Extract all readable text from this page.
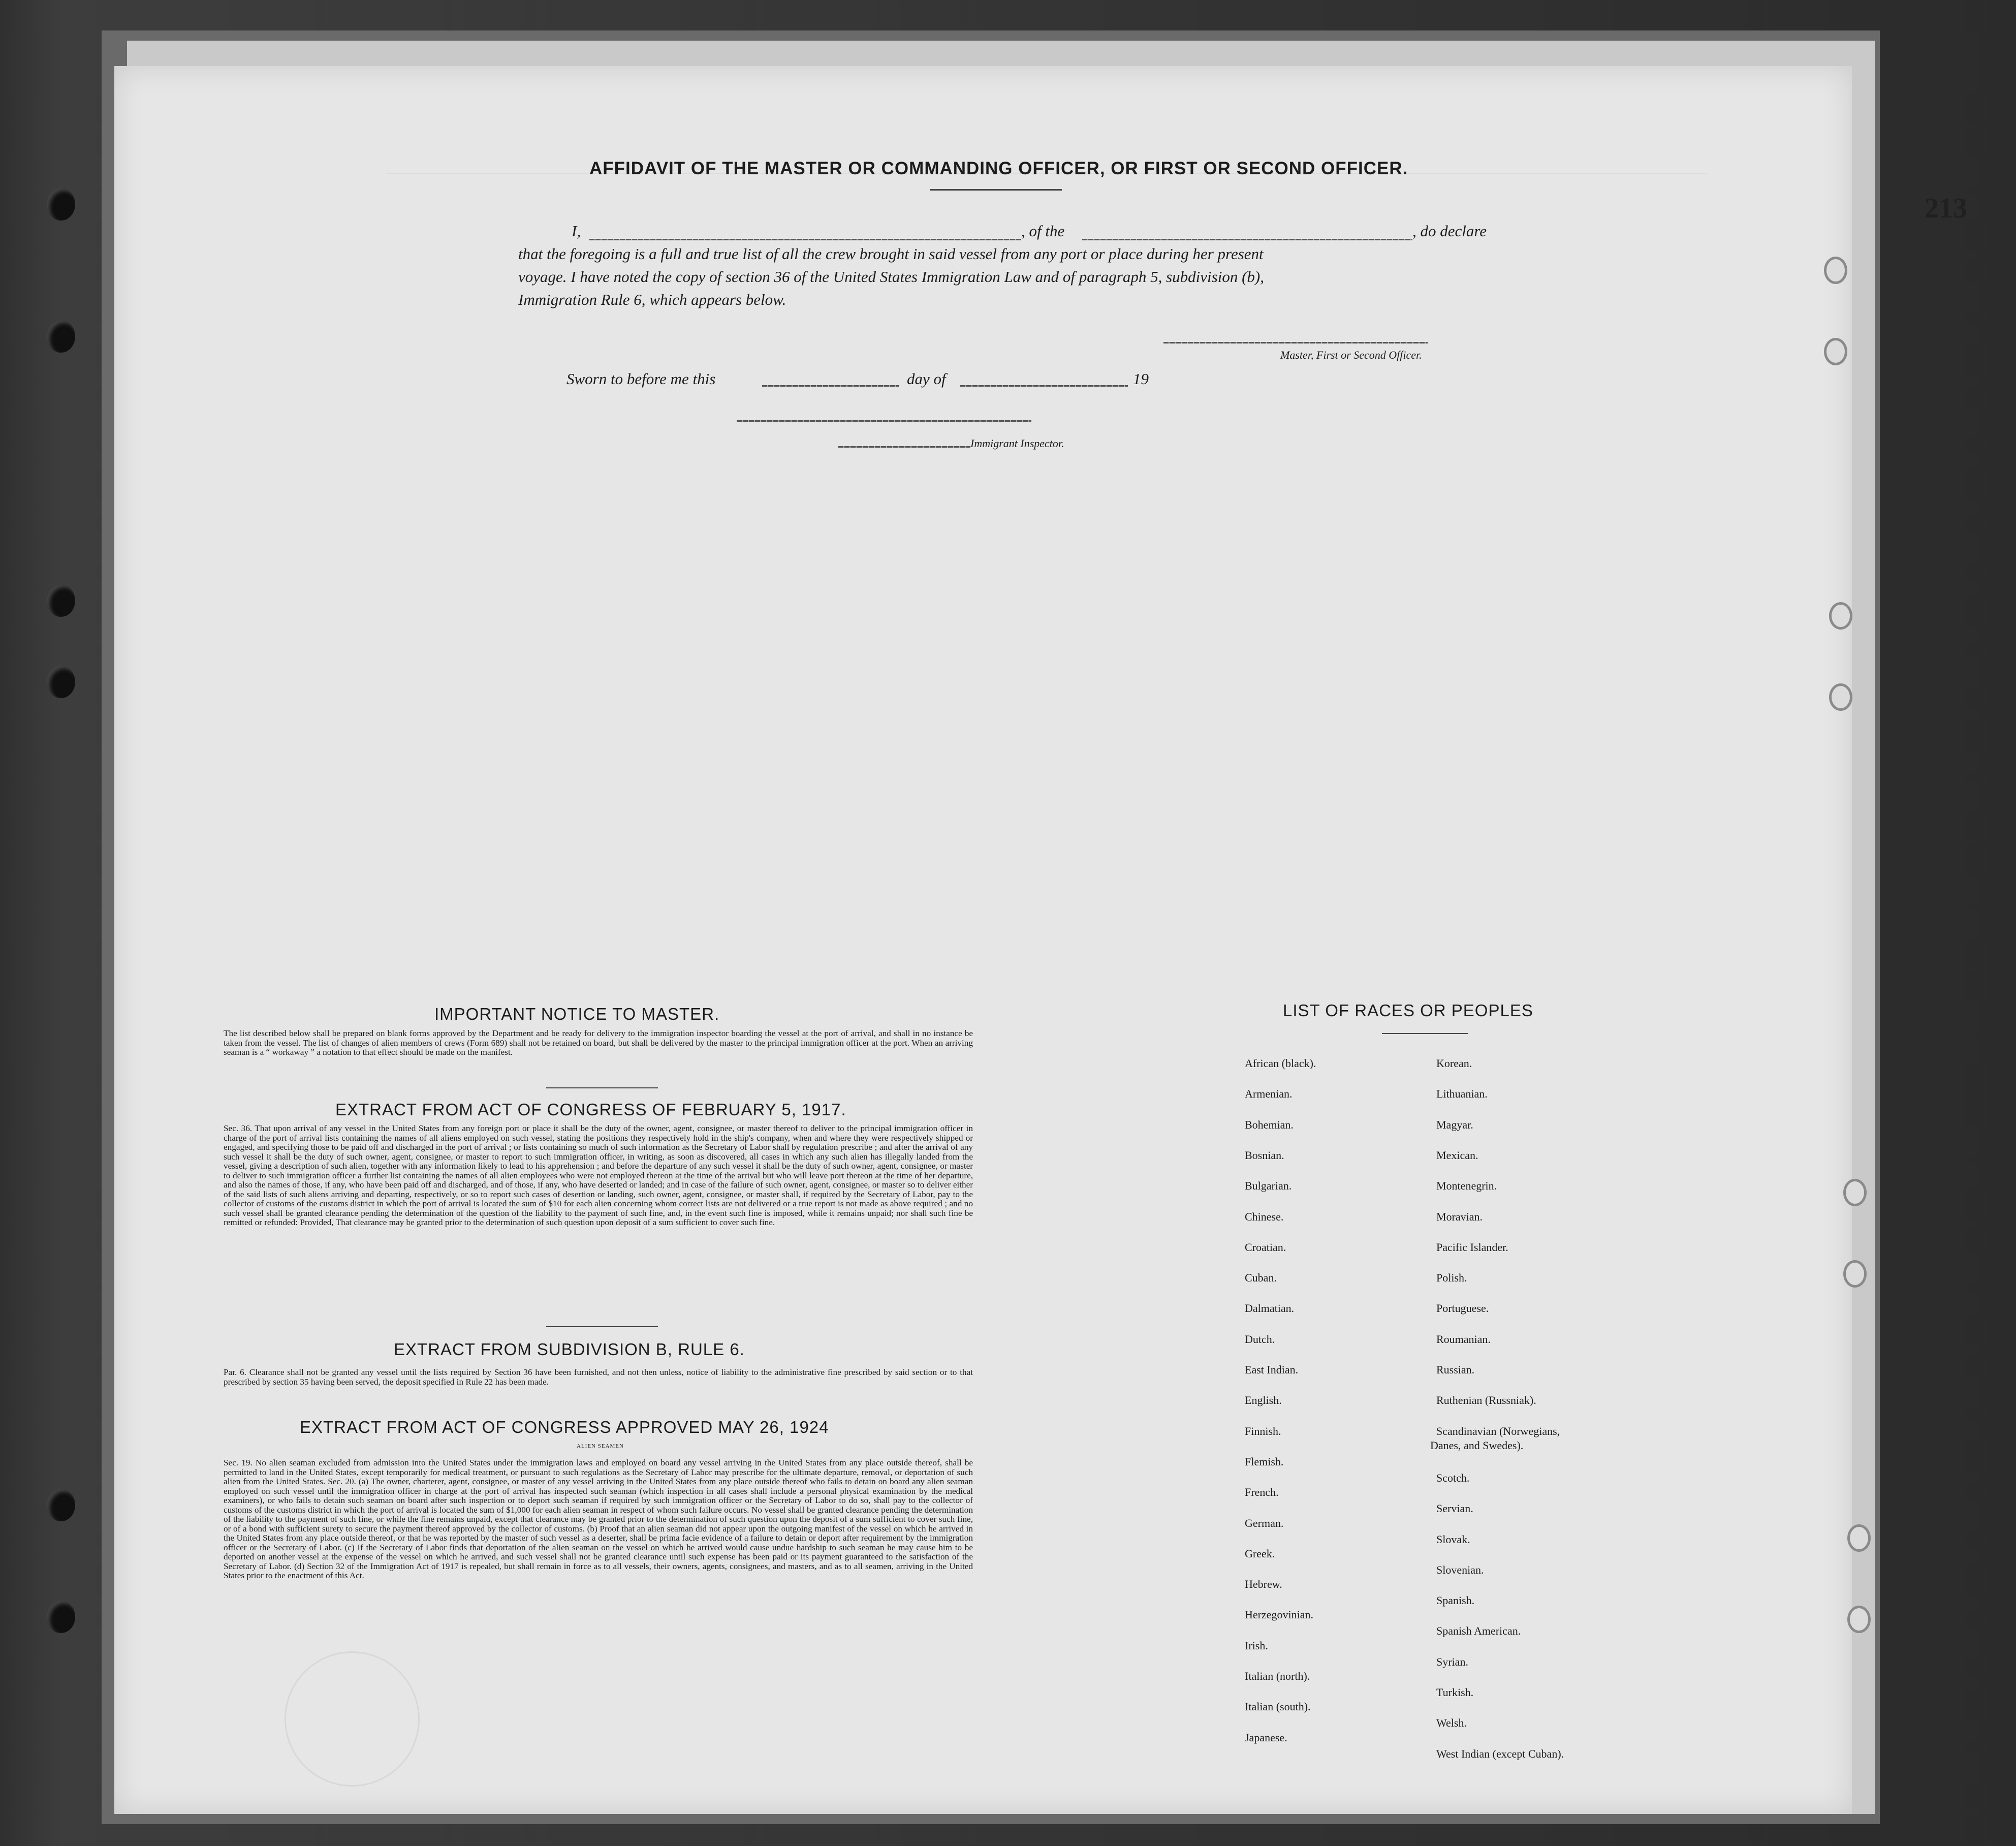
213
AFFIDAVIT OF THE MASTER OR COMMANDING OFFICER, OR FIRST OR SECOND OFFICER.
I,	, of the	, do declare
that the foregoing is a full and true list of all the crew brought in said vessel from any port or place during her present
voyage. I have noted the copy of section 36 of the United States Immigration Law and of paragraph 5, subdivision (b),
Immigration Rule 6, which appears below.
Master, First or Second Officer.
Sworn to before me this	day of	19
Immigrant Inspector.
IMPORTANT NOTICE TO MASTER.
The list described below shall be prepared on blank forms approved by the Department and be ready for delivery to the immigration inspector boarding the vessel at the port of arrival, and shall in no instance be taken from the vessel. The list of changes of alien members of crews (Form 689) shall not be retained on board, but shall be delivered by the master to the principal immigration officer at the port. When an arriving seaman is a “ workaway ” a notation to that effect should be made on the manifest.
EXTRACT FROM ACT OF CONGRESS OF FEBRUARY 5, 1917.
Sec. 36. That upon arrival of any vessel in the United States from any foreign port or place it shall be the duty of the owner, agent, consignee, or master thereof to deliver to the principal immigration officer in charge of the port of arrival lists containing the names of all aliens employed on such vessel, stating the positions they respectively hold in the ship's company, when and where they were respectively shipped or engaged, and specifying those to be paid off and discharged in the port of arrival ; or lists containing so much of such information as the Secretary of Labor shall by regulation prescribe ; and after the arrival of any such vessel it shall be the duty of such owner, agent, consignee, or master to report to such immigration officer, in writing, as soon as discovered, all cases in which any such alien has illegally landed from the vessel, giving a description of such alien, together with any information likely to lead to his apprehension ; and before the departure of any such vessel it shall be the duty of such owner, agent, consignee, or master to deliver to such immigration officer a further list containing the names of all alien employees who were not employed thereon at the time of the arrival but who will leave port thereon at the time of her departure, and also the names of those, if any, who have been paid off and discharged, and of those, if any, who have deserted or landed; and in case of the failure of such owner, agent, consignee, or master so to deliver either of the said lists of such aliens arriving and departing, respectively, or so to report such cases of desertion or landing, such owner, agent, consignee, or master shall, if required by the Secretary of Labor, pay to the collector of customs of the customs district in which the port of arrival is located the sum of $10 for each alien concerning whom correct lists are not delivered or a true report is not made as above required ; and no such vessel shall be granted clearance pending the determination of the question of the liability to the payment of such fine, and, in the event such fine is imposed, while it remains unpaid; nor shall such fine be remitted or refunded: Provided, That clearance may be granted prior to the determination of such question upon deposit of a sum sufficient to cover such fine.
EXTRACT FROM SUBDIVISION B, RULE 6.
Par. 6. Clearance shall not be granted any vessel until the lists required by Section 36 have been furnished, and not then unless, notice of liability to the administrative fine prescribed by said section or to that prescribed by section 35 having been served, the deposit specified in Rule 22 has been made.
EXTRACT FROM ACT OF CONGRESS APPROVED MAY 26, 1924
ALIEN SEAMEN
Sec. 19. No alien seaman excluded from admission into the United States under the immigration laws and employed on board any vessel arriving in the United States from any place outside thereof, shall be permitted to land in the United States, except temporarily for medical treatment, or pursuant to such regulations as the Secretary of Labor may prescribe for the ultimate departure, removal, or deportation of such alien from the United States. Sec. 20. (a) The owner, charterer, agent, consignee, or master of any vessel arriving in the United States from any place outside thereof who fails to detain on board any alien seaman employed on such vessel until the immigration officer in charge at the port of arrival has inspected such seaman (which inspection in all cases shall include a personal physical examination by the medical examiners), or who fails to detain such seaman on board after such inspection or to deport such seaman if required by such immigration officer or the Secretary of Labor to do so, shall pay to the collector of customs of the customs district in which the port of arrival is located the sum of $1,000 for each alien seaman in respect of whom such failure occurs. No vessel shall be granted clearance pending the determination of the liability to the payment of such fine, or while the fine remains unpaid, except that clearance may be granted prior to the determination of such question upon the deposit of a sum sufficient to cover such fine, or of a bond with sufficient surety to secure the payment thereof approved by the collector of customs. (b) Proof that an alien seaman did not appear upon the outgoing manifest of the vessel on which he arrived in the United States from any place outside thereof, or that he was reported by the master of such vessel as a deserter, shall be prima facie evidence of a failure to detain or deport after requirement by the immigration officer or the Secretary of Labor. (c) If the Secretary of Labor finds that deportation of the alien seaman on the vessel on which he arrived would cause undue hardship to such seaman he may cause him to be deported on another vessel at the expense of the vessel on which he arrived, and such vessel shall not be granted clearance until such expense has been paid or its payment guaranteed to the satisfaction of the Secretary of Labor. (d) Section 32 of the Immigration Act of 1917 is repealed, but shall remain in force as to all vessels, their owners, agents, consignees, and masters, and as to all seamen, arriving in the United States prior to the enactment of this Act.
LIST OF RACES OR PEOPLES
African (black).
Armenian.
Bohemian.
Bosnian.
Bulgarian.
Chinese.
Croatian.
Cuban.
Dalmatian.
Dutch.
East Indian.
English.
Finnish.
Flemish.
French.
German.
Greek.
Hebrew.
Herzegovinian.
Irish.
Italian (north).
Italian (south).
Japanese.
Korean.
Lithuanian.
Magyar.
Mexican.
Montenegrin.
Moravian.
Pacific Islander.
Polish.
Portuguese.
Roumanian.
Russian.
Ruthenian (Russniak).
Scandinavian (Norwegians,
Danes, and Swedes).
Scotch.
Servian.
Slovak.
Slovenian.
Spanish.
Spanish American.
Syrian.
Turkish.
Welsh.
West Indian (except Cuban).
